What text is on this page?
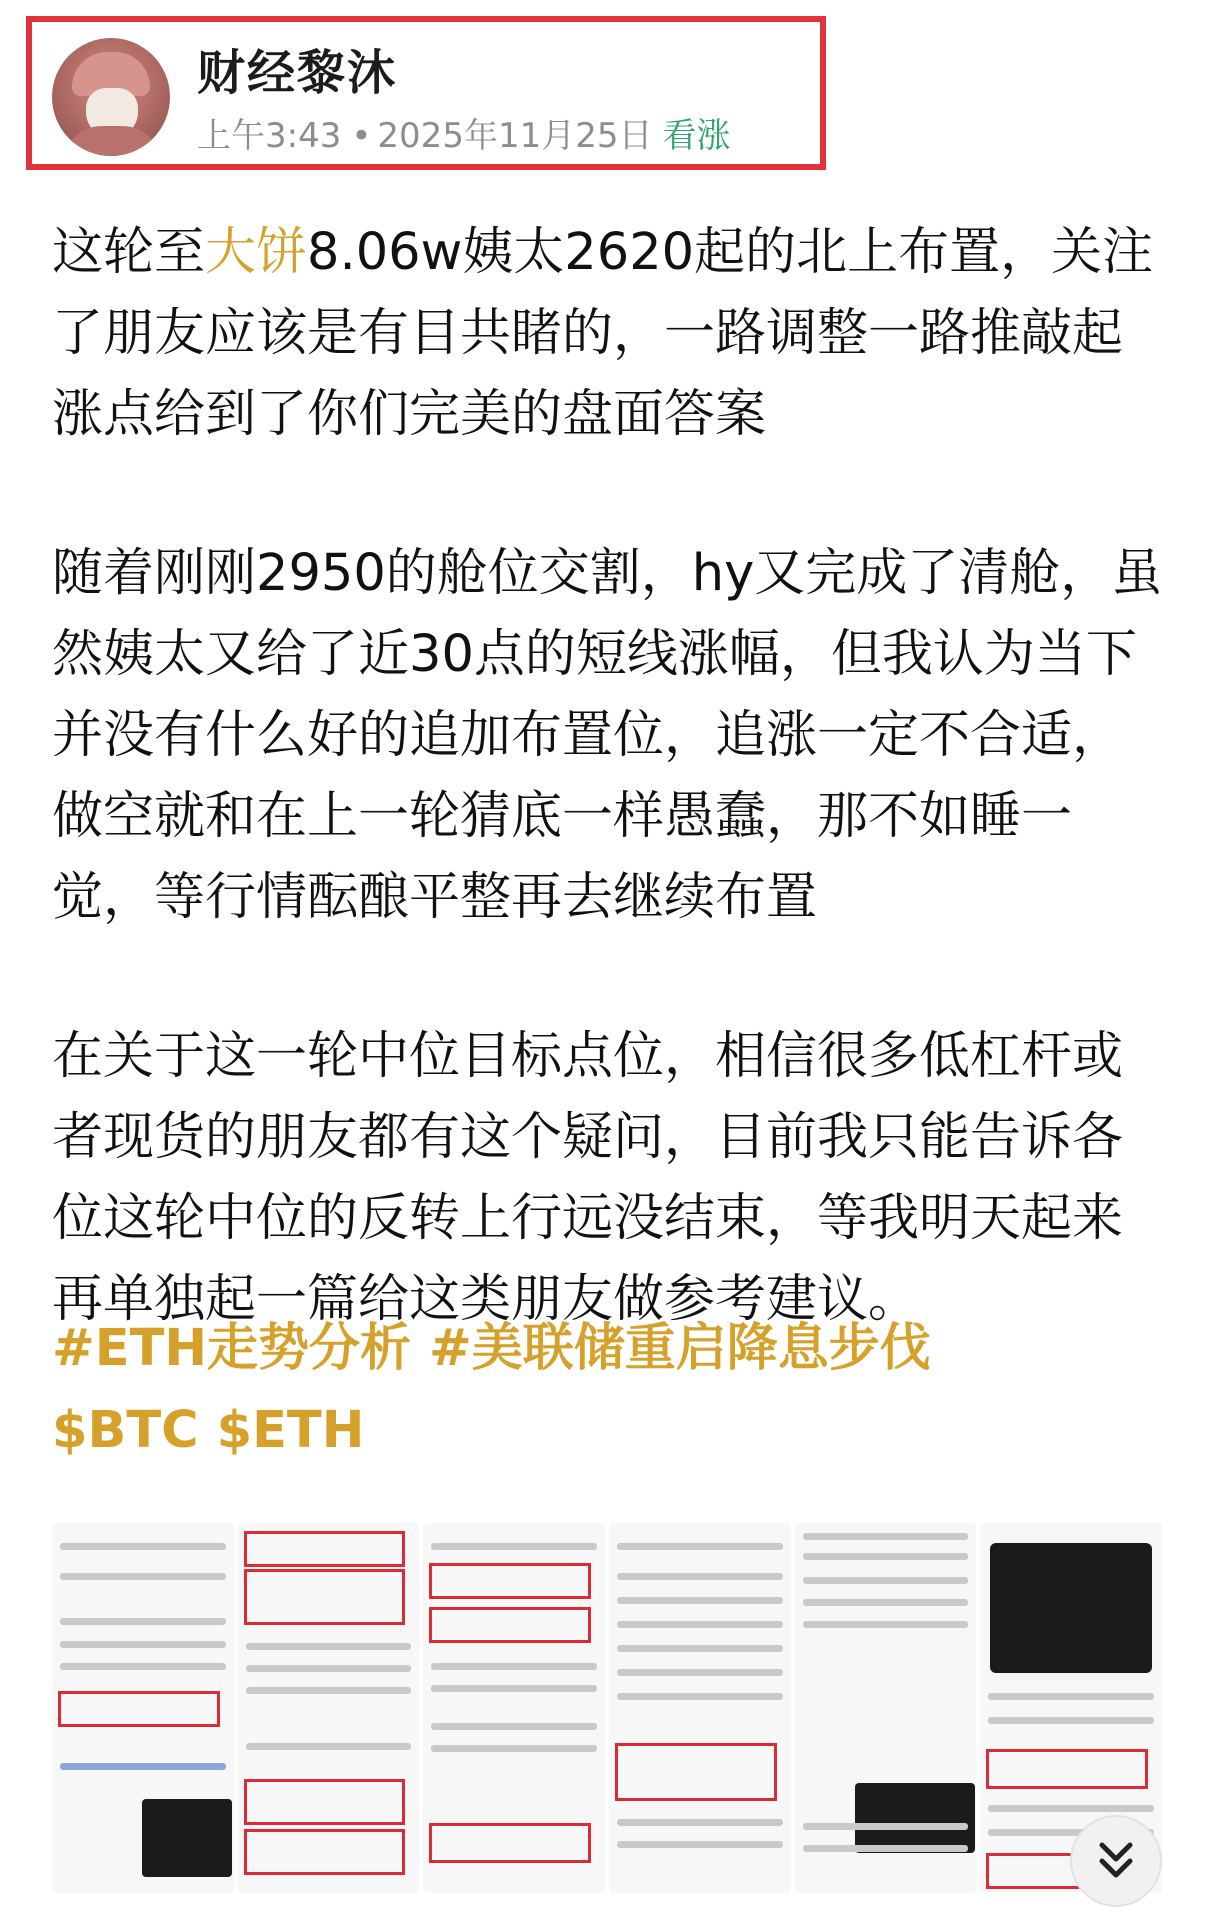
财经黎沐
上午3:43 • 2025年11月25日 看涨

这轮至大饼8.06w姨太2620起的北上布置，关注了朋友应该是有目共睹的，一路调整一路推敲起涨点给到了你们完美的盘面答案

随着刚刚2950的舱位交割，hy又完成了清舱，虽然姨太又给了近30点的短线涨幅，但我认为当下并没有什么好的追加布置位，追涨一定不合适，做空就和在上一轮猜底一样愚蠢，那不如睡一觉，等行情酝酿平整再去继续布置

在关于这一轮中位目标点位，相信很多低杠杆或者现货的朋友都有这个疑问，目前我只能告诉各位这轮中位的反转上行远没结束，等我明天起来再单独起一篇给这类朋友做参考建议。

#ETH走势分析 #美联储重启降息步伐$BTC $ETH
